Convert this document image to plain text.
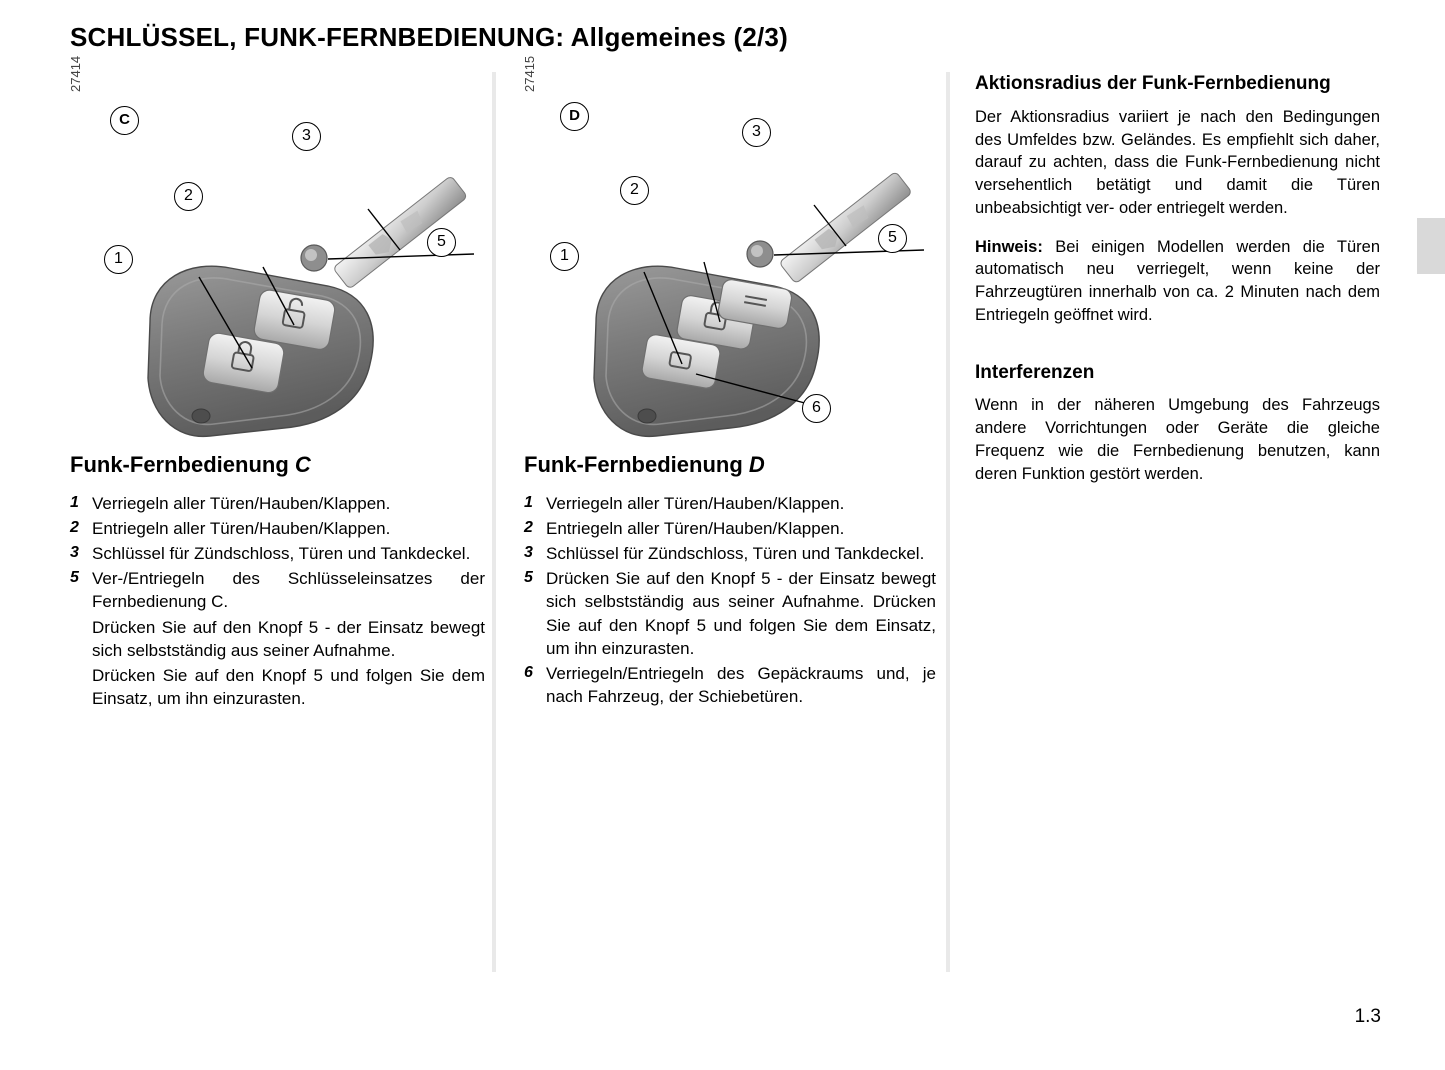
SCHLÜSSEL, FUNK-FERNBEDIENUNG: Allgemeines (2/3)
27414
C
1
2
3
5
Funk-Fernbedienung C
1 Verriegeln aller Türen/Hauben/Klappen.
2 Entriegeln aller Türen/Hauben/Klappen.
3 Schlüssel für Zündschloss, Türen und Tankdeckel.
5 Ver-/Entriegeln des Schlüsseleinsatzes der Fernbedienung C.
Drücken Sie auf den Knopf 5 - der Einsatz bewegt sich selbstständig aus seiner Aufnahme.
Drücken Sie auf den Knopf 5 und folgen Sie dem Einsatz, um ihn einzurasten.
27415
D
1
2
3
5
6
Funk-Fernbedienung D
1 Verriegeln aller Türen/Hauben/Klappen.
2 Entriegeln aller Türen/Hauben/Klappen.
3 Schlüssel für Zündschloss, Türen und Tankdeckel.
5 Drücken Sie auf den Knopf 5 - der Einsatz bewegt sich selbstständig aus seiner Aufnahme. Drücken Sie auf den Knopf 5 und folgen Sie dem Einsatz, um ihn einzurasten.
6 Verriegeln/Entriegeln des Gepäckraums und, je nach Fahrzeug, der Schiebetüren.
Aktionsradius der Funk-Fernbedienung

Der Aktionsradius variiert je nach den Bedingungen des Umfeldes bzw. Geländes. Es empfiehlt sich daher, darauf zu achten, dass die Funk-Fernbedienung nicht versehentlich betätigt und damit die Türen unbeabsichtigt ver- oder entriegelt werden.

Hinweis: Bei einigen Modellen werden die Türen automatisch neu verriegelt, wenn keine der Fahrzeugtüren innerhalb von ca. 2 Minuten nach dem Entriegeln geöffnet wird.

Interferenzen

Wenn in der näheren Umgebung des Fahrzeugs andere Vorrichtungen oder Geräte die gleiche Frequenz wie die Fernbedienung benutzen, kann deren Funktion gestört werden.

1.3
